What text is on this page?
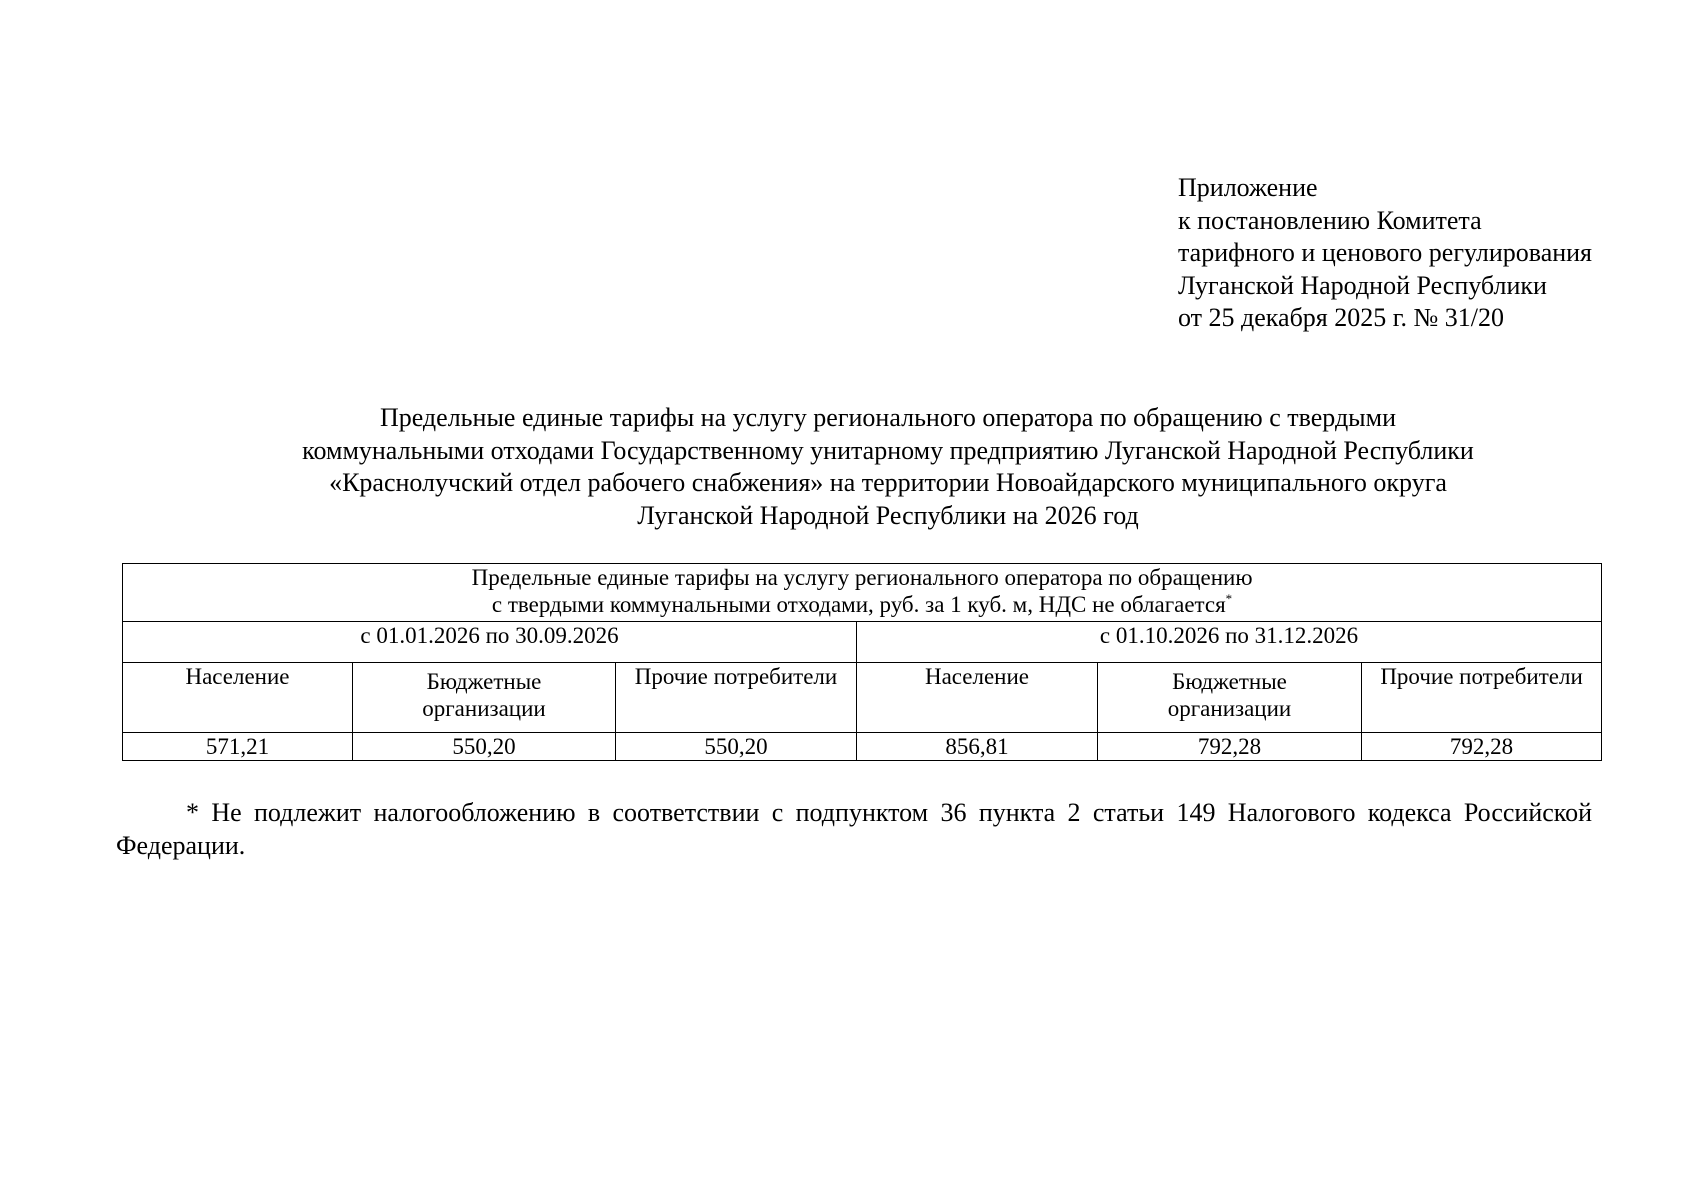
Приложение
к постановлению Комитета
тарифного и ценового регулирования
Луганской Народной Республики
от 25 декабря 2025 г. № 31/20
Предельные единые тарифы на услугу регионального оператора по обращению с твердыми
коммунальными отходами Государственному унитарному предприятию Луганской Народной Республики
«Краснолучский отдел рабочего снабжения» на территории Новоайдарского муниципального округа
Луганской Народной Республики на 2026 год
Предельные единые тарифы на услугу регионального оператора по обращению
с твердыми коммунальными отходами, руб. за 1 куб. м, НДС не облагается*

с 01.01.2026 по 30.09.2026			с 01.10.2026 по 31.12.2026		
Население	Бюджетные организации	Прочие потребители	Население	Бюджетные организации	Прочие потребители
571,21	550,20	550,20	856,81	792,28	792,28
* Не подлежит налогообложению в соответствии с подпунктом 36 пункта 2 статьи 149 Налогового кодекса Российской Федерации.
